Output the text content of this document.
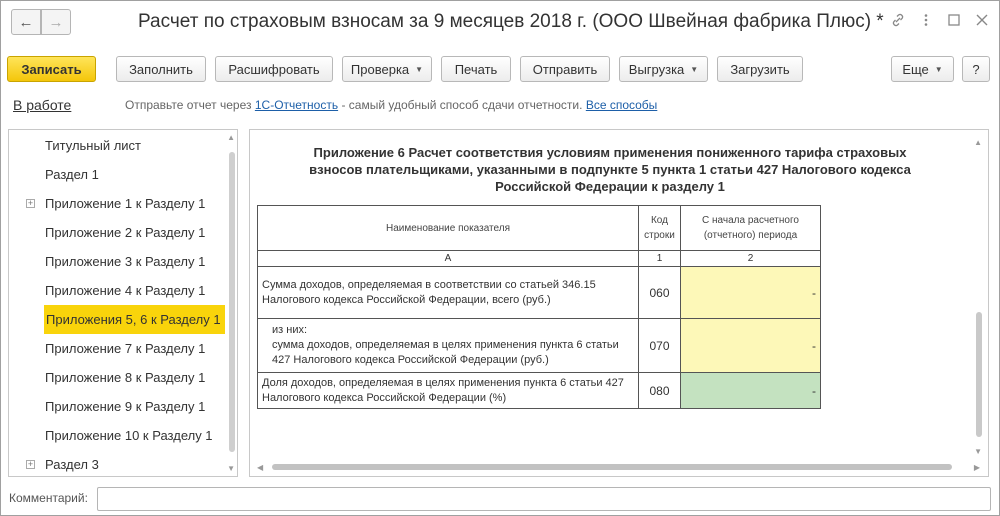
← →	Расчет по страховым взносам за 9 месяцев 2018 г. (ООО Швейная фабрика Плюс) *
Записать	Заполнить	Расшифровать	Проверка ▼	Печать	Отправить	Выгрузка ▼	Загрузить	Еще ▼	?
В работе	Отправьте отчет через 1С-Отчетность - самый удобный способ сдачи отчетности. Все способы
Титульный лист
Раздел 1
+ Приложение 1 к Разделу 1
Приложение 2 к Разделу 1
Приложение 3 к Разделу 1
Приложение 4 к Разделу 1
Приложения 5, 6 к Разделу 1
Приложение 7 к Разделу 1
Приложение 8 к Разделу 1
Приложение 9 к Разделу 1
Приложение 10 к Разделу 1
+ Раздел 3
▲
▼
Приложение 6 Расчет соответствия условиям применения пониженного тарифа страховых взносов плательщиками, указанными в подпункте 5 пункта 1 статьи 427 Налогового кодекса Российской Федерации к разделу 1
Наименование показателя	Код строки	С начала расчетного (отчетного) периода
А	1	2
Сумма доходов, определяемая в соответствии со статьей 346.15 Налогового кодекса Российской Федерации, всего (руб.)	060	-

из них:
сумма доходов, определяемая в целях применения пункта 6 статьи 427 Налогового кодекса Российской Федерации (руб.)	070	-
Доля доходов, определяемая в целях применения пункта 6 статьи 427 Налогового кодекса Российской Федерации (%)	080	-
▲
▼
◀	▶
Комментарий:
